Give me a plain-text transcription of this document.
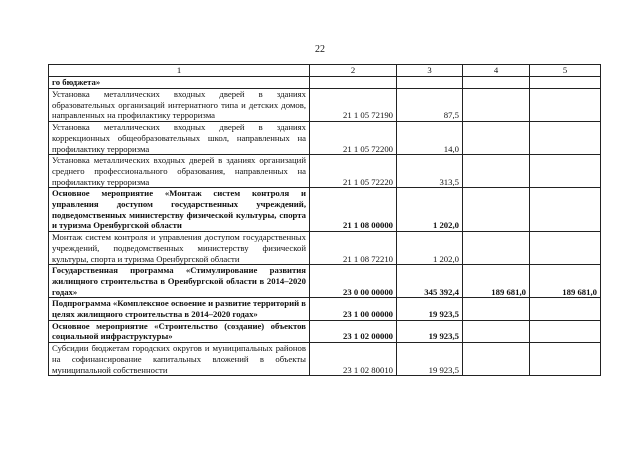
22
1	2	3	4	5
го бюджета»				
Установка металлических входных дверей в зданиях образовательных организаций интернатного типа и детских домов, направленных на профилактику терроризма	21 1 05 72190	87,5		
Установка металлических входных дверей в зданиях коррекционных общеобразовательных школ, направленных на профилактику терроризма	21 1 05 72200	14,0		
Установка металлических входных дверей в зданиях организаций среднего профессионального образования, направленных на профилактику терроризма	21 1 05 72220	313,5		
Основное мероприятие «Монтаж систем контроля и управления доступом государственных учреждений, подведомственных министерству физической культуры, спорта и туризма Оренбургской области	21 1 08 00000	1 202,0		
Монтаж систем контроля и управления доступом государственных учреждений, подведомственных министерству физической культуры, спорта и туризма Оренбургской области	21 1 08 72210	1 202,0		
Государственная программа «Стимулирование развития жилищного строительства в Оренбургской области в 2014–2020 годах»	23 0 00 00000	345 392,4	189 681,0	189 681,0
Подпрограмма «Комплексное освоение и развитие территорий в целях жилищного строительства в 2014–2020 годах»	23 1 00 00000	19 923,5		
Основное мероприятие «Строительство (создание) объектов социальной инфраструктуры»	23 1 02 00000	19 923,5		
Субсидии бюджетам городских округов и муниципальных районов на софинансирование капитальных вложений в объекты муниципальной собственности	23 1 02 80010	19 923,5		
